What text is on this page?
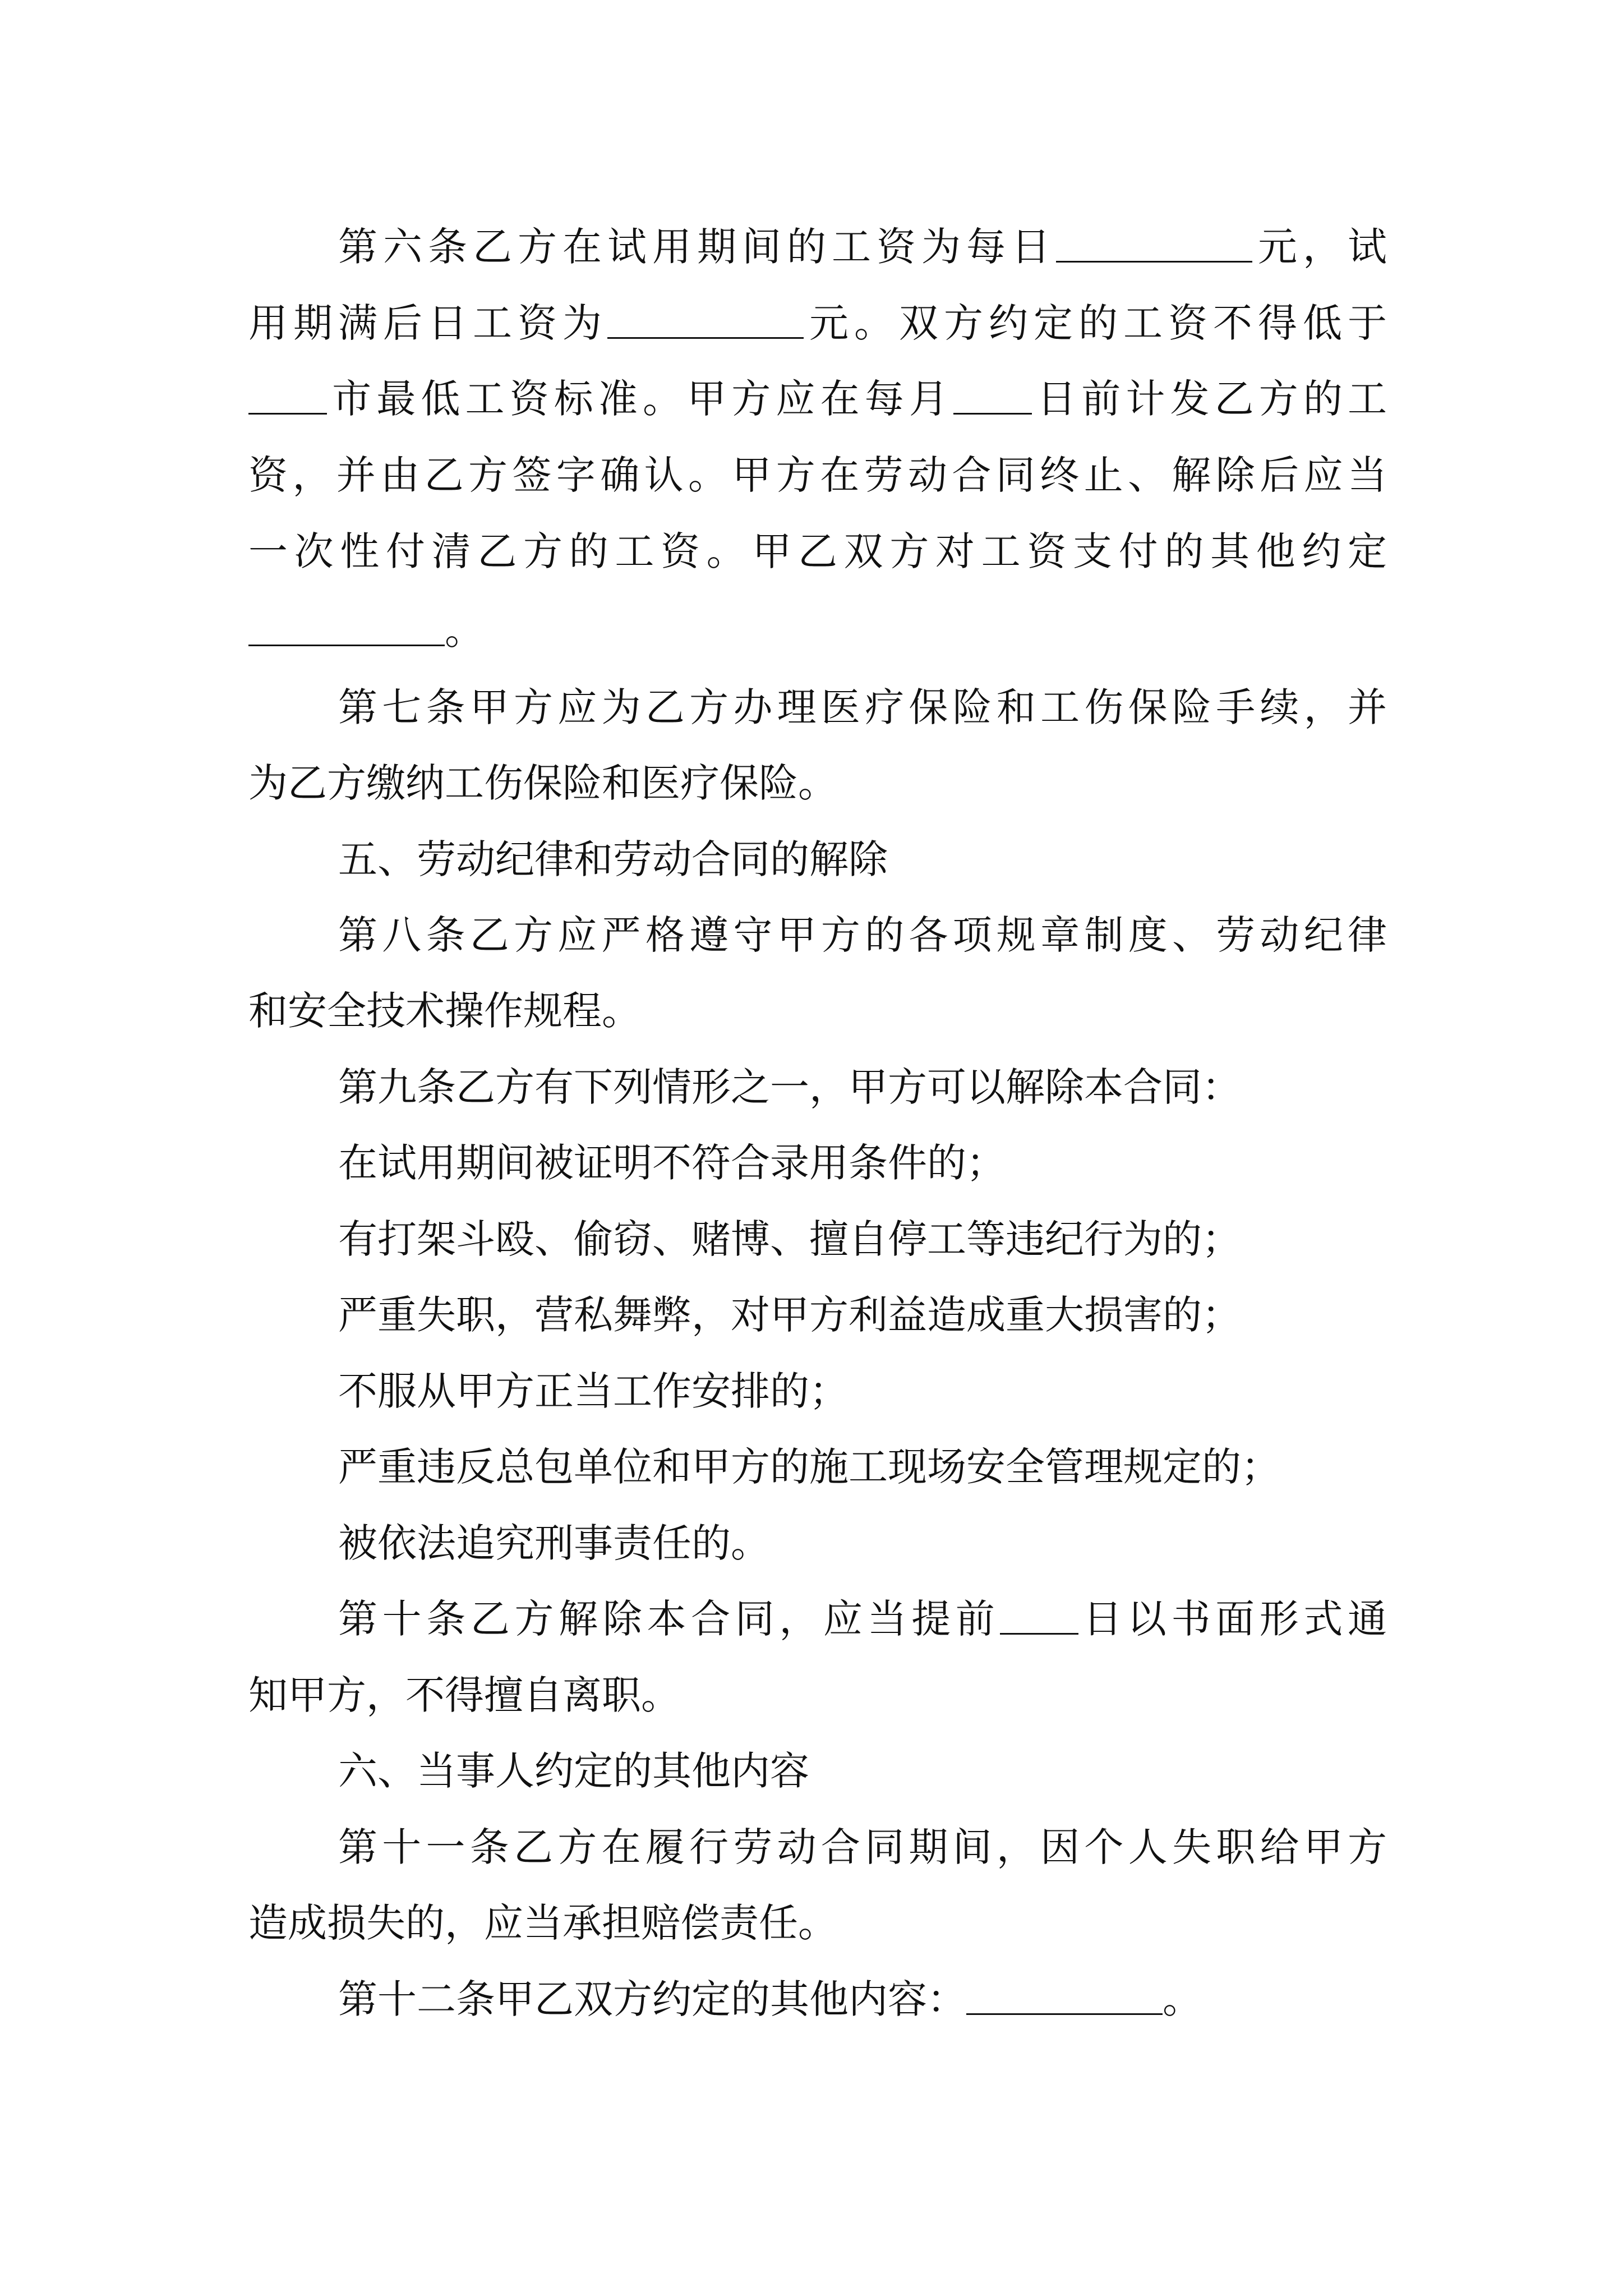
第六条乙方在试用期间的工资为每日	元，试
用期满后日工资为	元。双方约定的工资不得低于
市最低工资标准。甲方应在每月 日前计发乙方的工
资，并由乙方签字确认。甲方在劳动合同终止、解除后应当
一次性付清乙方的工资。甲乙双方对工资支付的其他约定
。
第七条甲方应为乙方办理医疗保险和工伤保险手续，并
为乙方缴纳工伤保险和医疗保险。
五、劳动纪律和劳动合同的解除
第八条乙方应严格遵守甲方的各项规章制度、劳动纪律
和安全技术操作规程。
第九条乙方有下列情形之一，甲方可以解除本合同：
在试用期间被证明不符合录用条件的；
有打架斗殴、偷窃、赌博、擅自停工等违纪行为的；
严重失职，营私舞弊，对甲方利益造成重大损害的；
不服从甲方正当工作安排的；
严重违反总包单位和甲方的施工现场安全管理规定的；
被依法追究刑事责任的。
第十条乙方解除本合同，应当提前 日以书面形式通
知甲方，不得擅自离职。
六、当事人约定的其他内容
第十一条乙方在履行劳动合同期间，因个人失职给甲方
造成损失的，应当承担赔偿责任。
第十二条甲乙双方约定的其他内容：	。
